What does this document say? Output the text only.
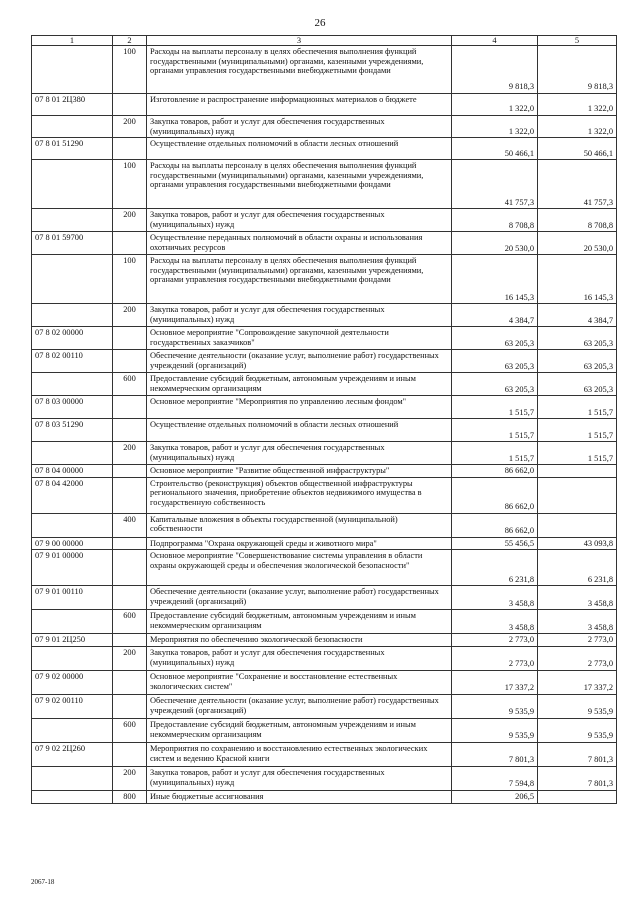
26
1	2	3	4	5
	100	Расходы на выплаты персоналу в целях обеспечения выполнения функций государственными (муниципальными) органами, казенными учреждениями, органами управления государственными внебюджетными фондами	9 818,3	9 818,3
07 8 01 2Ц380		Изготовление и распространение информационных материалов о бюджете	1 322,0	1 322,0
	200	Закупка товаров, работ и услуг для обеспечения государственных (муниципальных) нужд	1 322,0	1 322,0
07 8 01 51290		Осуществление отдельных полномочий в области лесных отношений	50 466,1	50 466,1
	100	Расходы на выплаты персоналу в целях обеспечения выполнения функций государственными (муниципальными) органами, казенными учреждениями, органами управления государственными внебюджетными фондами	41 757,3	41 757,3
	200	Закупка товаров, работ и услуг для обеспечения государственных (муниципальных) нужд	8 708,8	8 708,8
07 8 01 59700		Осуществление переданных полномочий в области охраны и использования охотничьих ресурсов	20 530,0	20 530,0
	100	Расходы на выплаты персоналу в целях обеспечения выполнения функций государственными (муниципальными) органами, казенными учреждениями, органами управления государственными внебюджетными фондами	16 145,3	16 145,3
	200	Закупка товаров, работ и услуг для обеспечения государственных (муниципальных) нужд	4 384,7	4 384,7
07 8 02 00000		Основное мероприятие "Сопровождение закупочной деятельности государственных заказчиков"	63 205,3	63 205,3
07 8 02 00110		Обеспечение деятельности (оказание услуг, выполнение работ) государственных учреждений (организаций)	63 205,3	63 205,3
	600	Предоставление субсидий бюджетным, автономным учреждениям и иным некоммерческим организациям	63 205,3	63 205,3
07 8 03 00000		Основное мероприятие "Мероприятия по управлению лесным фондом"	1 515,7	1 515,7
07 8 03 51290		Осуществление отдельных полномочий в области лесных отношений	1 515,7	1 515,7
	200	Закупка товаров, работ и услуг для обеспечения государственных (муниципальных) нужд	1 515,7	1 515,7
07 8 04 00000		Основное мероприятие "Развитие общественной инфраструктуры"	86 662,0	
07 8 04 42000		Строительство (реконструкция) объектов общественной инфраструктуры регионального значения, приобретение объектов недвижимого имущества в государственную собственность	86 662,0	
	400	Капитальные вложения в объекты государственной (муниципальной) собственности	86 662,0	
07 9 00 00000		Подпрограмма "Охрана окружающей среды и животного мира"	55 456,5	43 093,8
07 9 01 00000		Основное мероприятие "Совершенствование системы управления в области охраны окружающей среды и обеспечения экологической безопасности"	6 231,8	6 231,8
07 9 01 00110		Обеспечение деятельности (оказание услуг, выполнение работ) государственных учреждений (организаций)	3 458,8	3 458,8
	600	Предоставление субсидий бюджетным, автономным учреждениям и иным некоммерческим организациям	3 458,8	3 458,8
07 9 01 2Ц250		Мероприятия по обеспечению экологической безопасности	2 773,0	2 773,0
	200	Закупка товаров, работ и услуг для обеспечения государственных (муниципальных) нужд	2 773,0	2 773,0
07 9 02 00000		Основное мероприятие "Сохранение и восстановление естественных экологических систем"	17 337,2	17 337,2
07 9 02 00110		Обеспечение деятельности (оказание услуг, выполнение работ) государственных учреждений (организаций)	9 535,9	9 535,9
	600	Предоставление субсидий бюджетным, автономным учреждениям и иным некоммерческим организациям	9 535,9	9 535,9
07 9 02 2Ц260		Мероприятия по сохранению и восстановлению естественных экологических систем и ведению Красной книги	7 801,3	7 801,3
	200	Закупка товаров, работ и услуг для обеспечения государственных (муниципальных) нужд	7 594,8	7 801,3
	800	Иные бюджетные ассигнования	206,5	
2067-18
